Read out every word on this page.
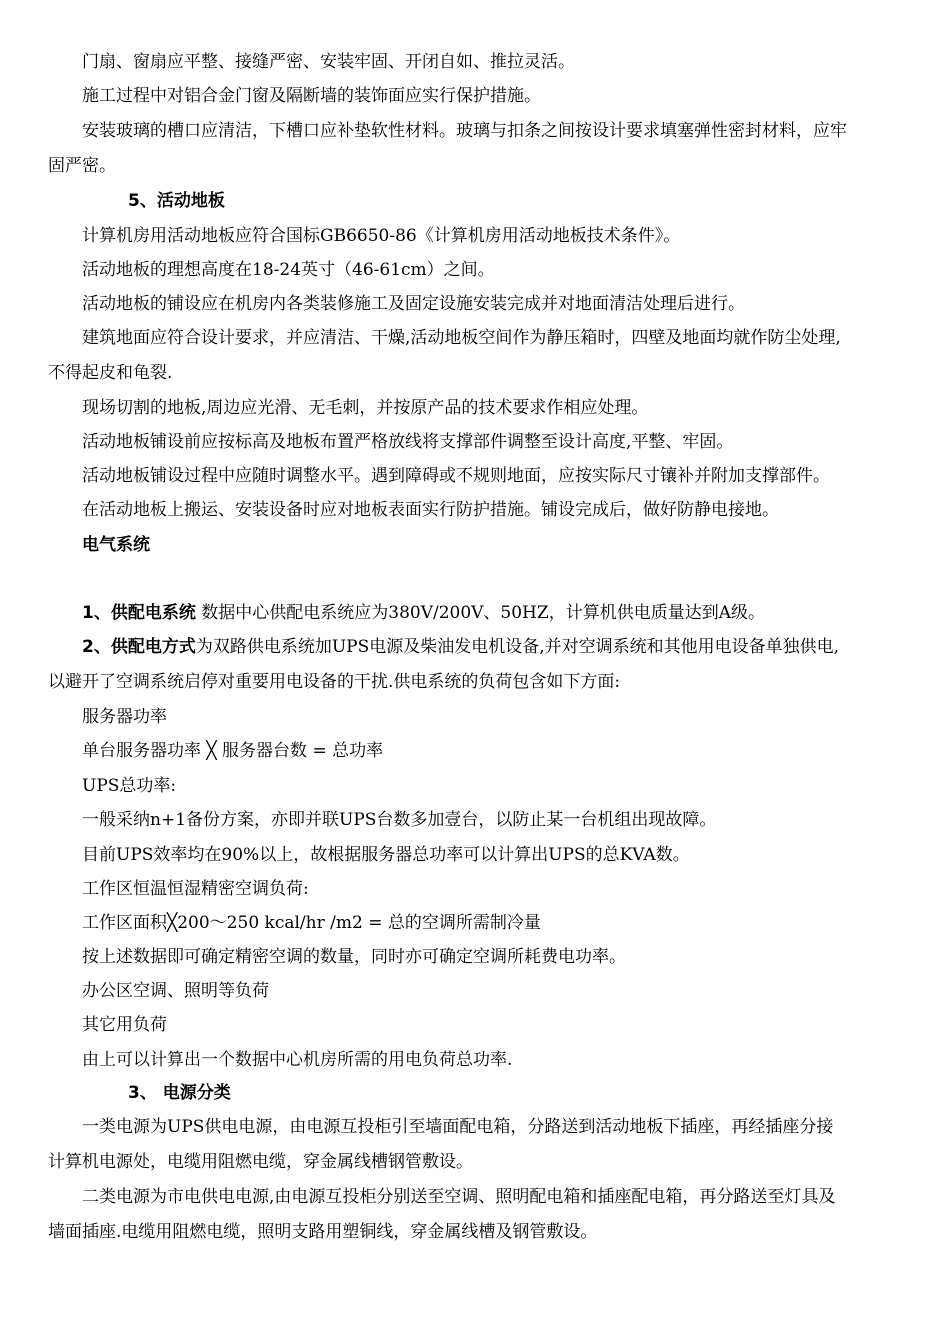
门扇、窗扇应平整、接缝严密、安装牢固、开闭自如、推拉灵活。
施工过程中对铝合金门窗及隔断墙的装饰面应实行保护措施。
安装玻璃的槽口应清洁，下槽口应补垫软性材料。玻璃与扣条之间按设计要求填塞弹性密封材料，应牢
固严密。
5、活动地板
计算机房用活动地板应符合国标GB6650-86《计算机房用活动地板技术条件》。
活动地板的理想高度在18-24英寸（46-61cm）之间。
活动地板的铺设应在机房内各类装修施工及固定设施安装完成并对地面清洁处理后进行。
建筑地面应符合设计要求，并应清洁、干燥,活动地板空间作为静压箱时，四壁及地面均就作防尘处理,
不得起皮和龟裂.
现场切割的地板,周边应光滑、无毛刺，并按原产品的技术要求作相应处理。
活动地板铺设前应按标高及地板布置严格放线将支撑部件调整至设计高度,平整、牢固。
活动地板铺设过程中应随时调整水平。遇到障碍或不规则地面，应按实际尺寸镶补并附加支撑部件。
在活动地板上搬运、安装设备时应对地板表面实行防护措施。铺设完成后，做好防静电接地。
电气系统
1、供配电系统 数据中心供配电系统应为380V/200V、50HZ，计算机供电质量达到A级。
2、供配电方式为双路供电系统加UPS电源及柴油发电机设备,并对空调系统和其他用电设备单独供电,
以避开了空调系统启停对重要用电设备的干扰.供电系统的负荷包含如下方面:
服务器功率
单台服务器功率 ╳ 服务器台数 = 总功率
UPS总功率:
一般采纳n+1备份方案，亦即并联UPS台数多加壹台，以防止某一台机组出现故障。
目前UPS效率均在90%以上，故根据服务器总功率可以计算出UPS的总KVA数。
工作区恒温恒湿精密空调负荷:
工作区面积╳200～250 kcal/hr /m2 = 总的空调所需制冷量
按上述数据即可确定精密空调的数量，同时亦可确定空调所耗费电功率。
办公区空调、照明等负荷
其它用负荷
由上可以计算出一个数据中心机房所需的用电负荷总功率.
3、 电源分类
一类电源为UPS供电电源，由电源互投柜引至墙面配电箱，分路送到活动地板下插座，再经插座分接
计算机电源处，电缆用阻燃电缆，穿金属线槽钢管敷设。
二类电源为市电供电电源,由电源互投柜分别送至空调、照明配电箱和插座配电箱，再分路送至灯具及
墙面插座.电缆用阻燃电缆，照明支路用塑铜线，穿金属线槽及钢管敷设。
